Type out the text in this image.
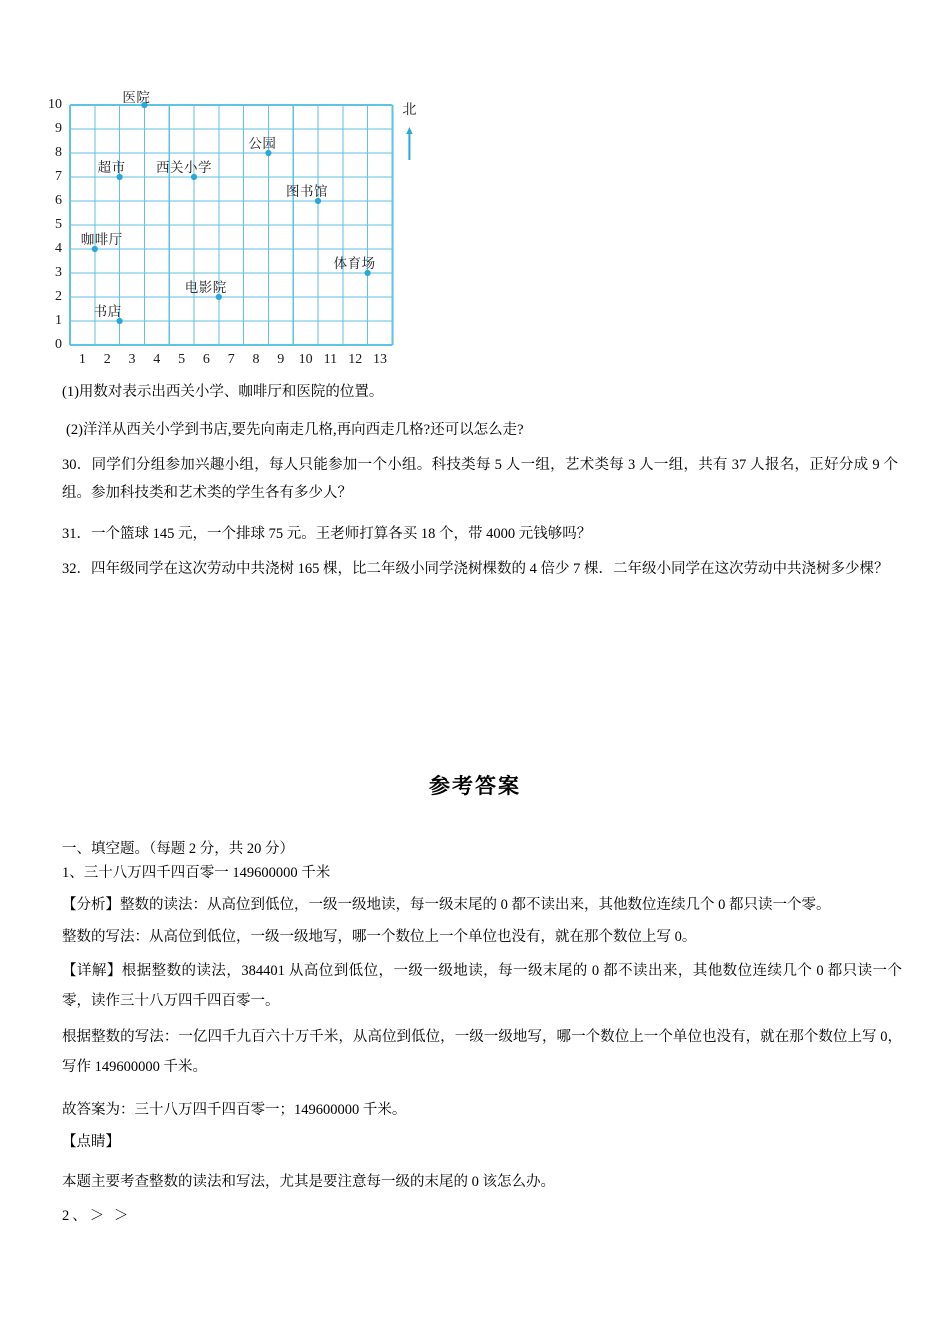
1	2	3	4	5	6	7	8	9	10 11 12 13
0
1
2
3
4
5
6
7
8
9
10	医院
公园
超市 西关小学
图书馆
咖啡厅
体育场
电影院
书店
北
(1)用数对表示出西关小学、咖啡厅和医院的位置。
(2)洋洋从西关小学到书店,要先向南走几格,再向西走几格?还可以怎么走?
30．同学们分组参加兴趣小组，每人只能参加一个小组。科技类每 5 人一组，艺术类每 3 人一组，共有 37 人报名，正好分成 9 个组。参加科技类和艺术类的学生各有多少人？
31．一个篮球 145 元，一个排球 75 元。王老师打算各买 18 个，带 4000 元钱够吗？
32．四年级同学在这次劳动中共浇树 165 棵，比二年级小同学浇树棵数的 4 倍少 7 棵．二年级小同学在这次劳动中共浇树多少棵？
参考答案
一、填空题。（每题 2 分，共 20 分）
1、三十八万四千四百零一 149600000 千米
【分析】整数的读法：从高位到低位，一级一级地读，每一级末尾的 0 都不读出来，其他数位连续几个 0 都只读一个零。
整数的写法：从高位到低位，一级一级地写，哪一个数位上一个单位也没有，就在那个数位上写 0。
【详解】根据整数的读法，384401 从高位到低位，一级一级地读，每一级末尾的 0 都不读出来，其他数位连续几个 0 都只读一个零，读作三十八万四千四百零一。
根据整数的写法：一亿四千九百六十万千米，从高位到低位，一级一级地写，哪一个数位上一个单位也没有，就在那个数位上写 0，写作 149600000 千米。
故答案为：三十八万四千四百零一；149600000 千米。
【点睛】
本题主要考查整数的读法和写法，尤其是要注意每一级的末尾的 0 该怎么办。
2、＞ ＞
